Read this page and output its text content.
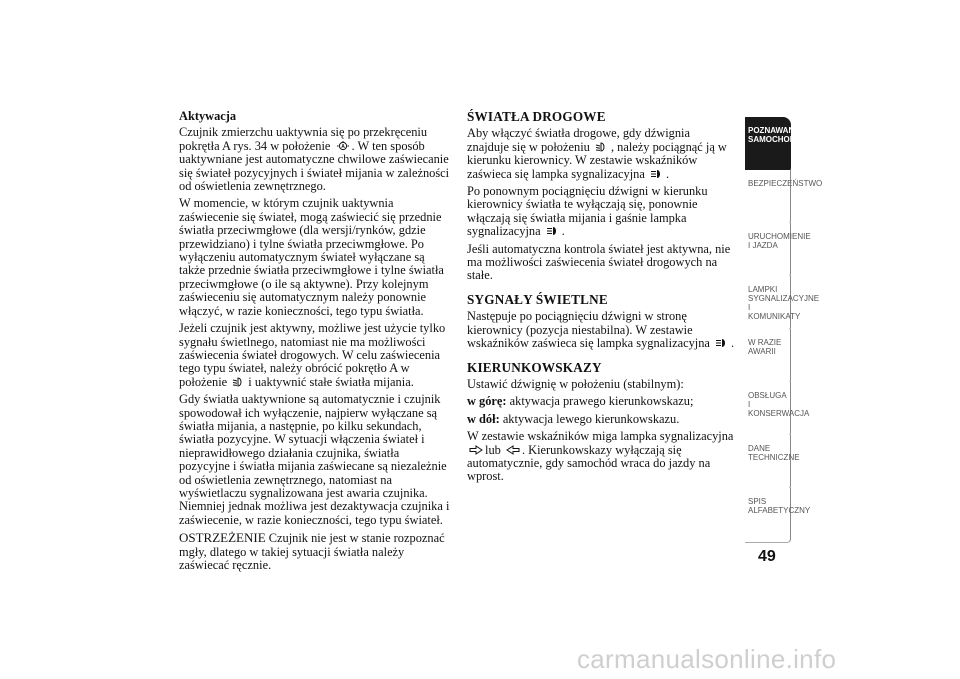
Aktywacja

Czujnik zmierzchu uaktywnia się po przekręceniu pokrętła A rys. 34 w położenie A . W ten sposób uaktywniane jest automatyczne chwilowe zaświecanie się świateł pozycyjnych i świateł mijania w zależności od oświetlenia zewnętrznego.

W momencie, w którym czujnik uaktywnia zaświecenie się świateł, mogą zaświecić się przednie światła przeciwmgłowe (dla wersji/rynków, gdzie przewidziano) i tylne światła przeciwmgłowe. Po wyłączeniu automatycznym świateł wyłączane są także przednie światła przeciwmgłowe i tylne światła przeciwmgłowe (o ile są aktywne). Przy kolejnym zaświeceniu się automatycznym należy ponownie włączyć, w razie konieczności, tego typu światła.

Jeżeli czujnik jest aktywny, możliwe jest użycie tylko sygnału świetlnego, natomiast nie ma możliwości zaświecenia świateł drogowych. W celu zaświecenia tego typu świateł, należy obrócić pokrętło A w położenie i uaktywnić stałe światła mijania.

Gdy światła uaktywnione są automatycznie i czujnik spowodował ich wyłączenie, najpierw wyłączane są światła mijania, a następnie, po kilku sekundach, światła pozycyjne. W sytuacji włączenia świateł i nieprawidłowego działania czujnika, światła pozycyjne i światła mijania zaświecane są niezależnie od oświetlenia zewnętrznego, natomiast na wyświetlaczu sygnalizowana jest awaria czujnika. Niemniej jednak możliwa jest dezaktywacja czujnika i zaświecenie, w razie konieczności, tego typu świateł.

OSTRZEŻENIE Czujnik nie jest w stanie rozpoznać mgły, dlatego w takiej sytuacji światła należy zaświecać ręcznie.

ŚWIATŁA DROGOWE

Aby włączyć światła drogowe, gdy dźwignia znajduje się w położeniu , należy pociągnąć ją w kierunku kierownicy. W zestawie wskaźników zaświeca się lampka sygnalizacyjna .

Po ponownym pociągnięciu dźwigni w kierunku kierownicy światła te wyłączają się, ponownie włączają się światła mijania i gaśnie lampka sygnalizacyjna .

Jeśli automatyczna kontrola świateł jest aktywna, nie ma możliwości zaświecenia świateł drogowych na stałe.

SYGNAŁY ŚWIETLNE

Następuje po pociągnięciu dźwigni w stronę kierownicy (pozycja niestabilna). W zestawie wskaźników zaświeca się lampka sygnalizacyjna .

KIERUNKOWSKAZY

Ustawić dźwignię w położeniu (stabilnym):

w górę: aktywacja prawego kierunkowskazu;

w dół: aktywacja lewego kierunkowskazu.

W zestawie wskaźników miga lampka sygnalizacyjna

lub . Kierunkowskazy wyłączają się automatycznie, gdy samochód wraca do jazdy na wprost.

POZNAWANIE SAMOCHODU
BEZPIECZEŃSTWO
URUCHOMIENIE I JAZDA
LAMPKI SYGNALIZACYJNE I KOMUNIKATY
W RAZIE AWARII
OBSŁUGA I KONSERWACJA
DANE TECHNICZNE
SPIS ALFABETYCZNY
49
carmanualsonline.info
